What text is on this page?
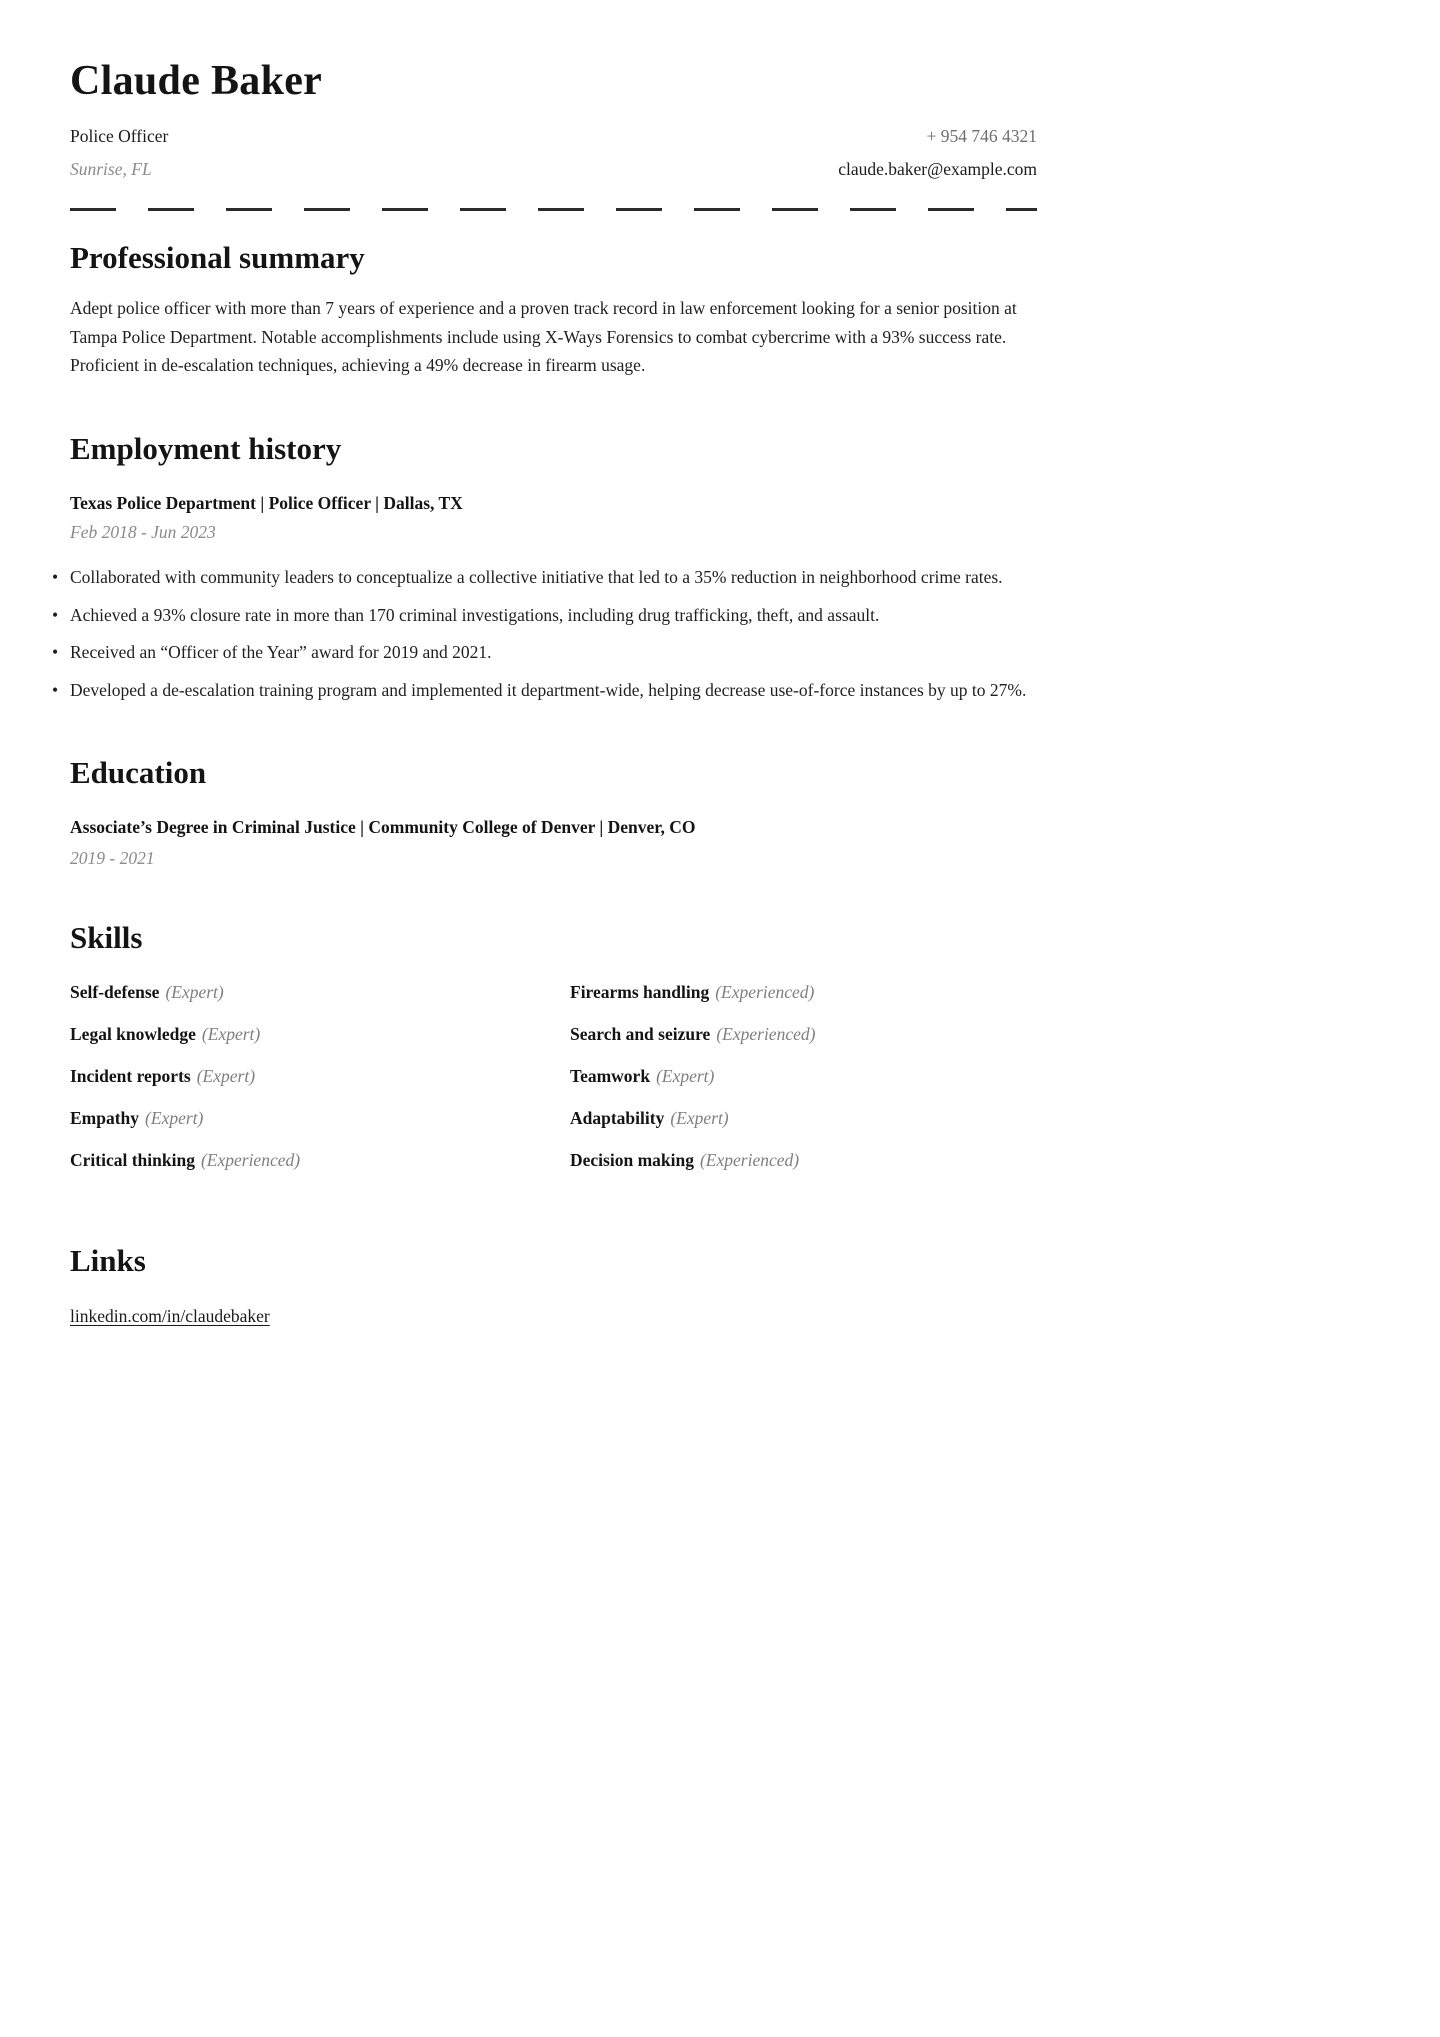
Claude Baker
Police Officer
Sunrise, FL
+ 954 746 4321
claude.baker@example.com
Professional summary

Adept police officer with more than 7 years of experience and a proven track record in law enforcement looking for a senior position at Tampa Police Department. Notable accomplishments include using X-Ways Forensics to combat cybercrime with a 93% success rate. Proficient in de-escalation techniques, achieving a 49% decrease in firearm usage.

Employment history
Texas Police Department | Police Officer | Dallas, TX
Feb 2018 - Jun 2023
• Collaborated with community leaders to conceptualize a collective initiative that led to a 35% reduction in neighborhood crime rates.
• Achieved a 93% closure rate in more than 170 criminal investigations, including drug trafficking, theft, and assault.
• Received an “Officer of the Year” award for 2019 and 2021.
• Developed a de-escalation training program and implemented it department-wide, helping decrease use-of-force instances by up to 27%.
Education
Associate’s Degree in Criminal Justice | Community College of Denver | Denver, CO
2019 - 2021
Skills
Self-defense (Expert)
Legal knowledge (Expert)
Incident reports (Expert)
Empathy (Expert)
Critical thinking (Experienced)
Firearms handling (Experienced)
Search and seizure (Experienced)
Teamwork (Expert)
Adaptability (Expert)
Decision making (Experienced)
Links
linkedin.com/in/claudebaker
